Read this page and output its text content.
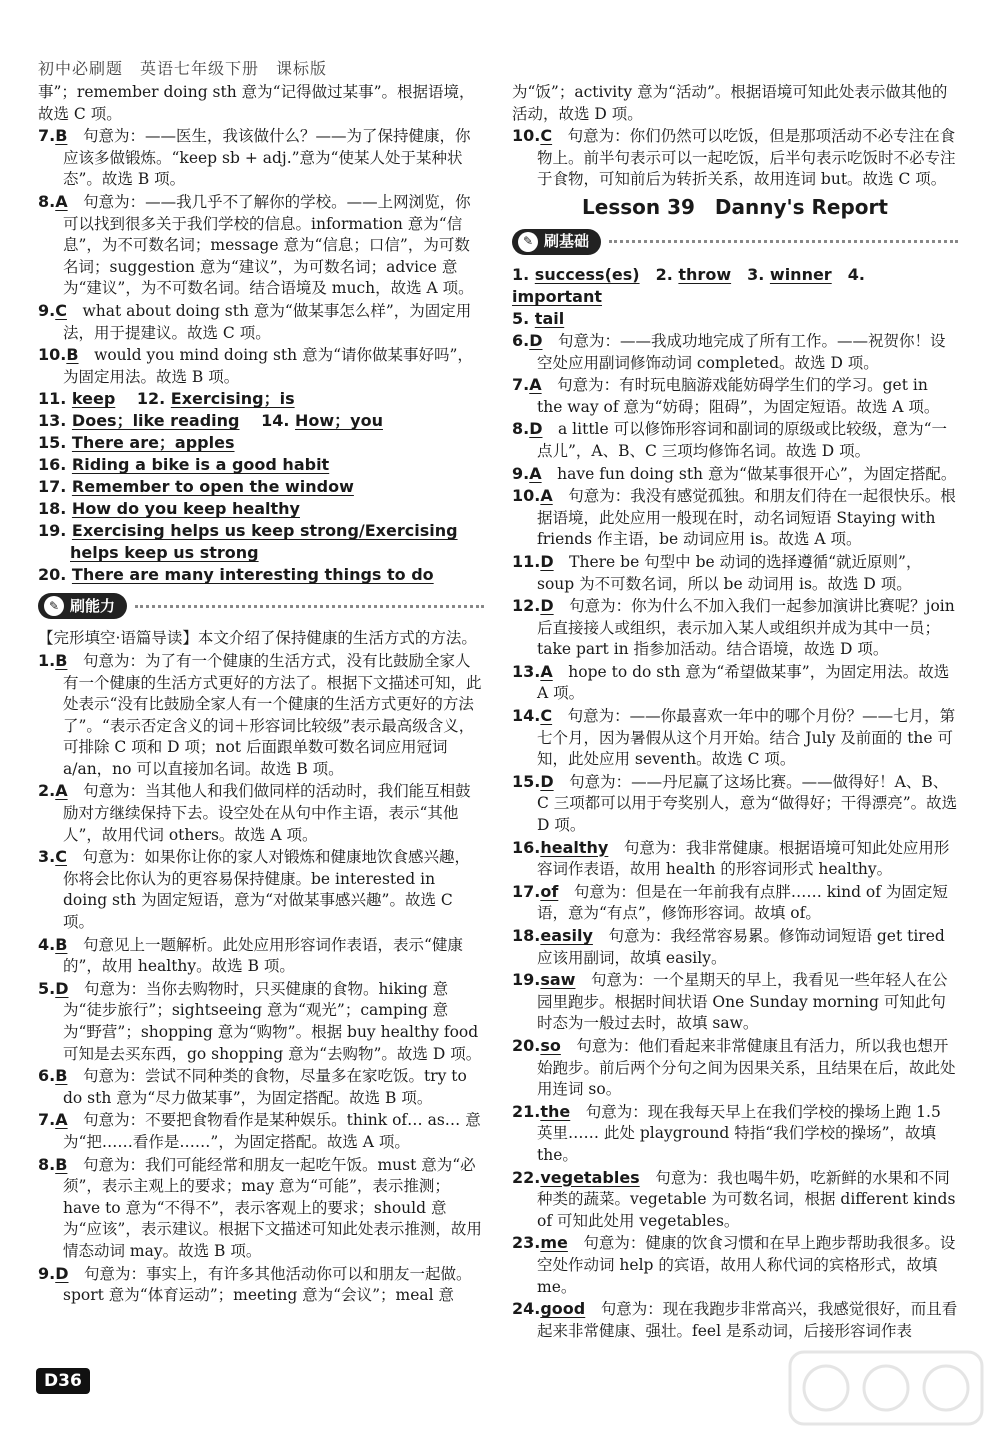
初中必刷题　英语七年级下册　课标版

事”；remember doing sth 意为“记得做过某事”。根据语境，故选 C 项。

7.B　 句意为：——医生，我该做什么？——为了保持健康，你应该多做锻炼。“keep sb + adj.”意为“使某人处于某种状态”。故选 B 项。

8.A　 句意为：——我几乎不了解你的学校。——上网浏览，你可以找到很多关于我们学校的信息。information 意为“信息”，为不可数名词；message 意为“信息；口信”，为可数名词；suggestion 意为“建议”，为可数名词；advice 意为“建议”，为不可数名词。结合语境及 much，故选 A 项。

9.C　 what about doing sth 意为“做某事怎么样”，为固定用法，用于提建议。故选 C 项。

10.B　 would you mind doing sth 意为“请你做某事好吗”，为固定用法。故选 B 项。

11. keep　 12. Exercising；is

13. Does；like reading　 14. How；you

15. There are；apples

16. Riding a bike is a good habit

17. Remember to open the window

18. How do you keep healthy

19. Exercising helps us keep strong/Exercising helps keep us strong

20. There are many interesting things to do

✎ 刷能力

【完形填空·语篇导读】本文介绍了保持健康的生活方式的方法。

1.B　 句意为：为了有一个健康的生活方式，没有比鼓励全家人有一个健康的生活方式更好的方法了。根据下文描述可知，此处表示“没有比鼓励全家人有一个健康的生活方式更好的方法了”。“表示否定含义的词＋形容词比较级”表示最高级含义，可排除 C 项和 D 项；not 后面跟单数可数名词应用冠词 a/an，no 可以直接加名词。故选 B 项。

2.A　 句意为：当其他人和我们做同样的活动时，我们能互相鼓励对方继续保持下去。设空处在从句中作主语，表示“其他人”，故用代词 others。故选 A 项。

3.C　 句意为：如果你让你的家人对锻炼和健康地饮食感兴趣，你将会比你认为的更容易保持健康。be interested in doing sth 为固定短语，意为“对做某事感兴趣”。故选 C 项。

4.B　 句意见上一题解析。此处应用形容词作表语，表示“健康的”，故用 healthy。故选 B 项。

5.D　 句意为：当你去购物时，只买健康的食物。hiking 意为“徒步旅行”；sightseeing 意为“观光”；camping 意为“野营”；shopping 意为“购物”。根据 buy healthy food 可知是去买东西，go shopping 意为“去购物”。故选 D 项。

6.B　 句意为：尝试不同种类的食物，尽量多在家吃饭。try to do sth 意为“尽力做某事”，为固定搭配。故选 B 项。

7.A　 句意为：不要把食物看作是某种娱乐。think of… as… 意为“把……看作是……”，为固定搭配。故选 A 项。

8.B　 句意为：我们可能经常和朋友一起吃午饭。must 意为“必须”，表示主观上的要求；may 意为“可能”，表示推测；have to 意为“不得不”，表示客观上的要求；should 意为“应该”，表示建议。根据下文描述可知此处表示推测，故用情态动词 may。故选 B 项。

9.D　 句意为：事实上，有许多其他活动你可以和朋友一起做。sport 意为“体育运动”；meeting 意为“会议”；meal 意

为“饭”；activity 意为“活动”。根据语境可知此处表示做其他的活动，故选 D 项。

10.C　 句意为：你们仍然可以吃饭，但是那项活动不必专注在食物上。前半句表示可以一起吃饭，后半句表示吃饭时不必专注于食物，可知前后为转折关系，故用连词 but。故选 C 项。

Lesson 39　Danny's Report
✎ 刷基础

1. success(es)　 2. throw　 3. winner　 4. important

5. tail

6.D　 句意为：——我成功地完成了所有工作。——祝贺你！设空处应用副词修饰动词 completed。故选 D 项。

7.A　 句意为：有时玩电脑游戏能妨碍学生们的学习。get in the way of 意为“妨碍；阻碍”，为固定短语。故选 A 项。

8.D　 a little 可以修饰形容词和副词的原级或比较级，意为“一点儿”，A、B、C 三项均修饰名词。故选 D 项。

9.A　 have fun doing sth 意为“做某事很开心”，为固定搭配。

10.A　 句意为：我没有感觉孤独。和朋友们待在一起很快乐。根据语境，此处应用一般现在时，动名词短语 Staying with friends 作主语，be 动词应用 is。故选 A 项。

11.D　 There be 句型中 be 动词的选择遵循“就近原则”，soup 为不可数名词，所以 be 动词用 is。故选 D 项。

12.D　 句意为：你为什么不加入我们一起参加演讲比赛呢？join 后直接接人或组织，表示加入某人或组织并成为其中一员；take part in 指参加活动。结合语境，故选 D 项。

13.A　 hope to do sth 意为“希望做某事”，为固定用法。故选 A 项。

14.C　 句意为：——你最喜欢一年中的哪个月份？——七月，第七个月，因为暑假从这个月开始。结合 July 及前面的 the 可知，此处应用 seventh。故选 C 项。

15.D　 句意为：——丹尼赢了这场比赛。——做得好！A、B、C 三项都可以用于夸奖别人，意为“做得好；干得漂亮”。故选 D 项。

16.healthy　 句意为：我非常健康。根据语境可知此处应用形容词作表语，故用 health 的形容词形式 healthy。

17.of　 句意为：但是在一年前我有点胖…… kind of 为固定短语，意为“有点”，修饰形容词。故填 of。

18.easily　 句意为：我经常容易累。修饰动词短语 get tired 应该用副词，故填 easily。

19.saw　 句意为：一个星期天的早上，我看见一些年轻人在公园里跑步。根据时间状语 One Sunday morning 可知此句时态为一般过去时，故填 saw。

20.so　 句意为：他们看起来非常健康且有活力，所以我也想开始跑步。前后两个分句之间为因果关系，且结果在后，故此处用连词 so。

21.the　 句意为：现在我每天早上在我们学校的操场上跑 1.5 英里…… 此处 playground 特指“我们学校的操场”，故填 the。

22.vegetables　 句意为：我也喝牛奶，吃新鲜的水果和不同种类的蔬菜。vegetable 为可数名词，根据 different kinds of 可知此处用 vegetables。

23.me　 句意为：健康的饮食习惯和在早上跑步帮助我很多。设空处作动词 help 的宾语，故用人称代词的宾格形式，故填 me。

24.good　 句意为：现在我跑步非常高兴，我感觉很好，而且看起来非常健康、强壮。feel 是系动词，后接形容词作表

D36
